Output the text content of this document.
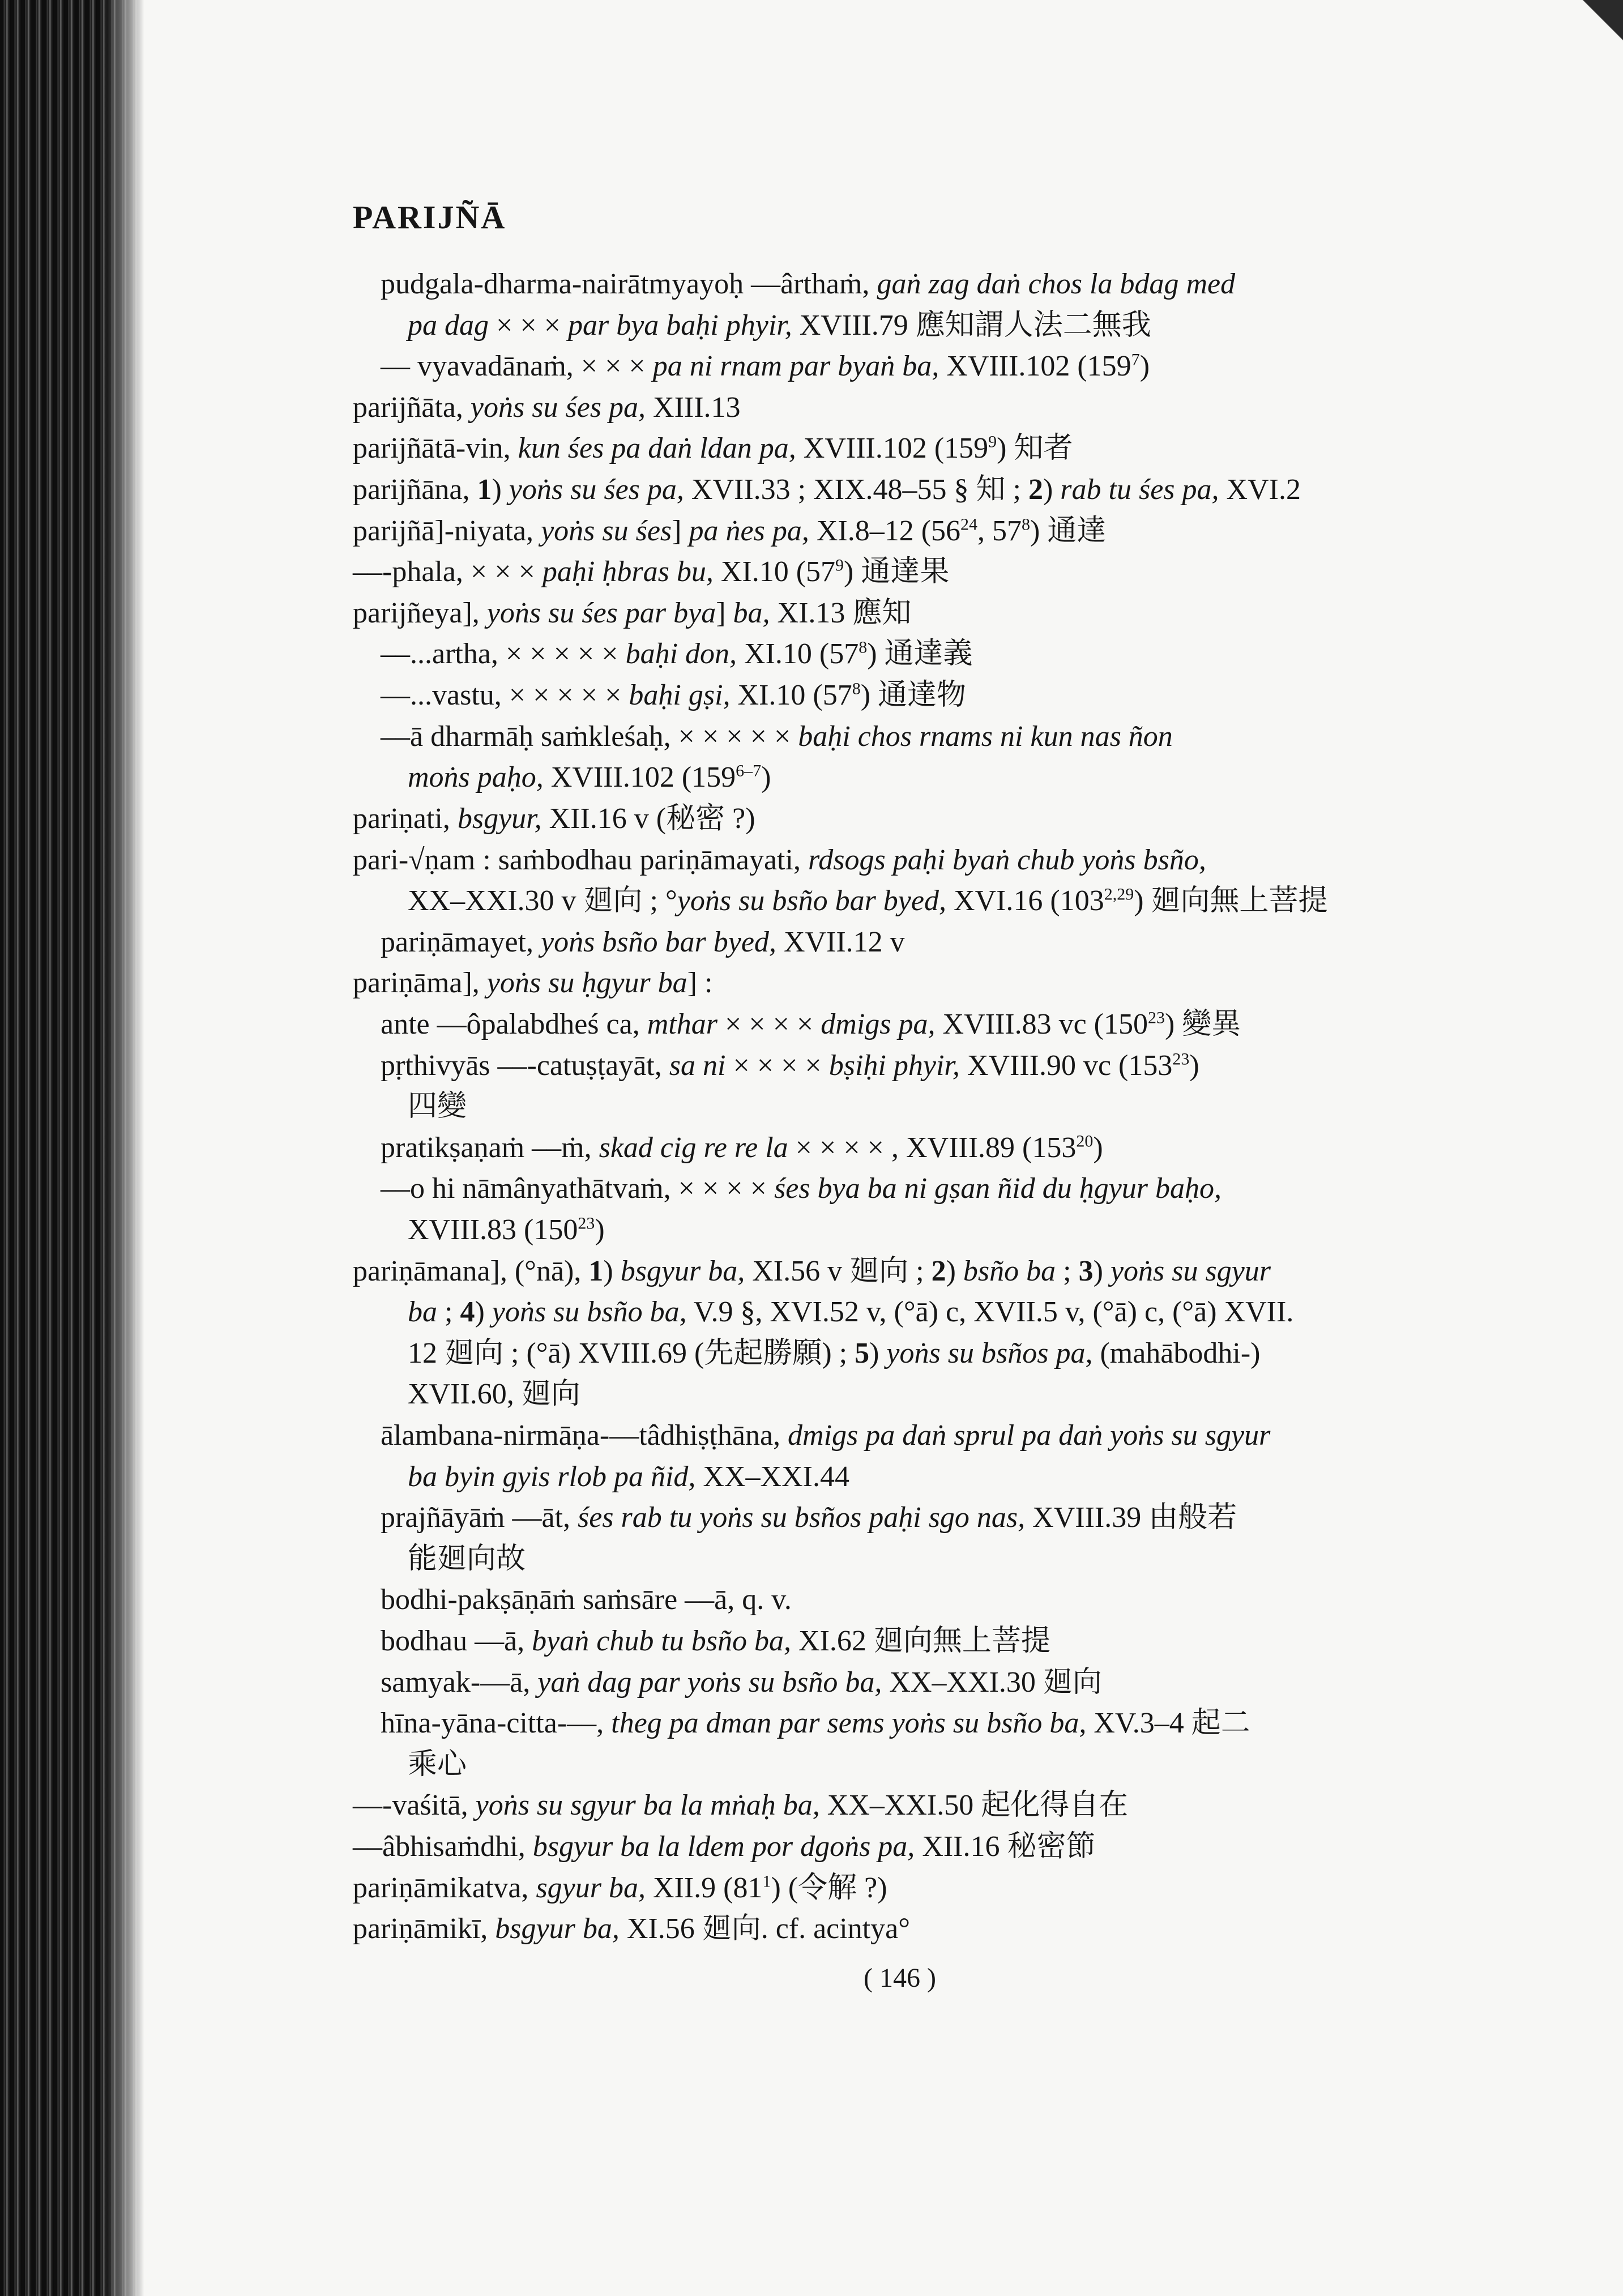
PARIJÑĀ
pudgala-dharma-nairātmyayoḥ ––ârthaṁ, gaṅ zag daṅ chos la bdag med
pa dag × × × par bya baḥi phyir, XVIII.79 應知謂人法二無我
–– vyavadānaṁ, × × × pa ni rnam par byaṅ ba, XVIII.102 $(159^7)$
parijñāta, yoṅs su śes pa, XIII.13
parijñātā-vin, kun śes pa daṅ ldan pa, XVIII.102 $(159^9)$ 知者
parijñāna, 1) yoṅs su śes pa, XVII.33 ; XIX.48–55 § 知 ; 2) rab tu śes pa, XVI.2
parijñā]-niyata, yoṅs su śes] pa ṅes pa, XI.8–12 ($56^{24}$, $57^8$) 通達
––-phala, × × × paḥi ḥbras bu, XI.10 $(57^9)$ 通達果
parijñeya], yoṅs su śes par bya] ba, XI.13 應知
––...artha, × × × × × baḥi don, XI.10 $(57^8)$ 通達義
––...vastu, × × × × × baḥi gṣi, XI.10 $(57^8)$ 通達物
––ā dharmāḥ saṁkleśaḥ, × × × × × baḥi chos rnams ni kun nas ñon
moṅs paḥo, XVIII.102 (159$^{6-7}$)
pariṇati, bsgyur, XII.16 v (秘密 ?)
pari-√ṇam : saṁbodhau pariṇāmayati, rdsogs paḥi byaṅ chub yoṅs bsño,
XX–XXI.30 v 廻向 ; °yoṅs su bsño bar byed, XVI.16 (103$^{2,29}$) 廻向無上菩提
pariṇāmayet, yoṅs bsño bar byed, XVII.12 v
pariṇāma], yoṅs su ḥgyur ba] :
ante ––ôpalabdheś ca, mthar × × × × dmigs pa, XVIII.83 vc $(150^{23})$ 變異
pṛthivyās ––-catuṣṭayāt, sa ni × × × × bṣiḥi phyir, XVIII.90 vc $(153^{23})$
四變
pratikṣaṇaṁ ––ṁ, skad cig re re la × × × × , XVIII.89 $(153^{20})$
––o hi nāmânyathātvaṁ, × × × × śes bya ba ni gṣan ñid du ḥgyur baḥo,
XVIII.83 $(150^{23})$
pariṇāmana], (°nā), 1) bsgyur ba, XI.56 v 廻向 ; 2) bsño ba ; 3) yoṅs su sgyur
ba ; 4) yoṅs su bsño ba, V.9 §, XVI.52 v, (°ā) c, XVII.5 v, (°ā) c, (°ā) XVII.
12 廻向 ; (°ā) XVIII.69 (先起勝願) ; 5) yoṅs su bsños pa, (mahābodhi-)
XVII.60, 廻向
ālambana-nirmāṇa-––tâdhiṣṭhāna, dmigs pa daṅ sprul pa daṅ yoṅs su sgyur
ba byin gyis rlob pa ñid, XX–XXI.44
prajñāyāṁ ––āt, śes rab tu yoṅs su bsños paḥi sgo nas, XVIII.39 由般若
能廻向故
bodhi-pakṣāṇāṁ saṁsāre ––ā, q. v.
bodhau ––ā, byaṅ chub tu bsño ba, XI.62 廻向無上菩提
samyak-––ā, yaṅ dag par yoṅs su bsño ba, XX–XXI.30 廻向
hīna-yāna-citta-––, theg pa dman par sems yoṅs su bsño ba, XV.3–4 起二
乘心
––-vaśitā, yoṅs su sgyur ba la mṅaḥ ba, XX–XXI.50 起化得自在
––âbhisaṁdhi, bsgyur ba la ldem por dgoṅs pa, XII.16 秘密節
pariṇāmikatva, sgyur ba, XII.9 $(81^1)$ (令解 ?)
pariṇāmikī, bsgyur ba, XI.56 廻向. cf. acintya°
( 146 )
